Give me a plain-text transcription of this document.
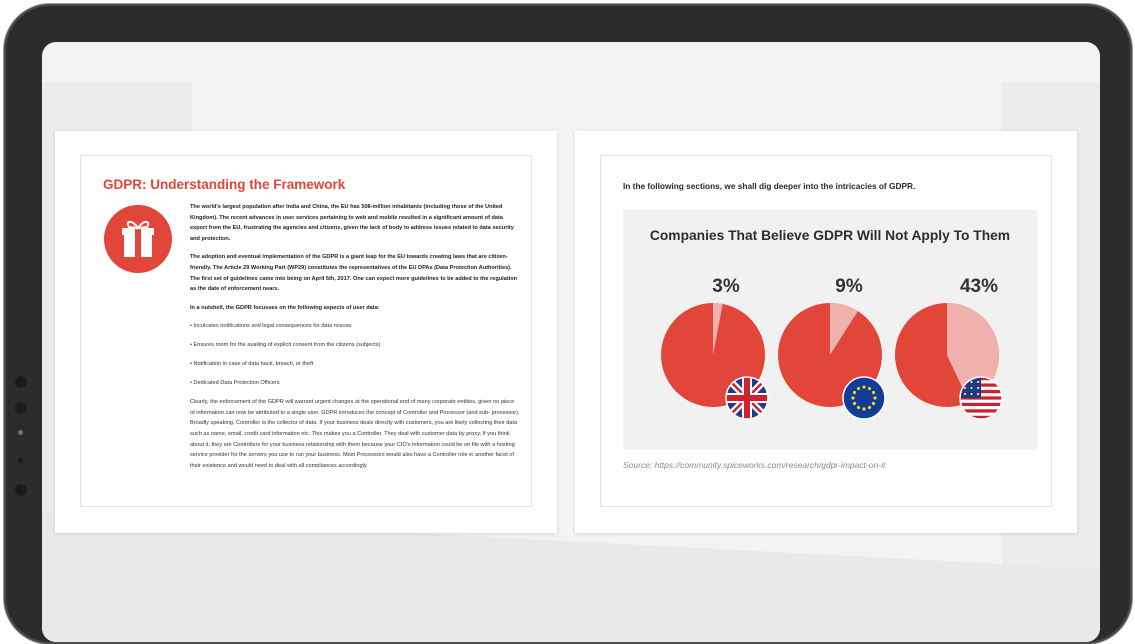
GDPR: Understanding the Framework

The world's largest population after India and China, the EU has 508-million inhabitants (including those of the United Kingdom). The recent advances in user services pertaining to web and mobile resulted in a significant amount of data export from the EU, frustrating the agencies and citizens, given the lack of body to address issues related to data security and protection.

The adoption and eventual implementation of the GDPR is a giant leap for the EU towards creating laws that are citizen-friendly. The Article 29 Working Part (WP29) constitutes the representatives of the EU DPAs (Data Protection Authorities). The first set of guidelines came into being on April 5th, 2017. One can expect more guidelines to be added to the regulation as the date of enforcement nears.

In a nutshell, the GDPR focusses on the following aspects of user data:

• Inculcates notifications and legal consequences for data misuse

• Ensures room for the availing of explicit consent from the citizens (subjects)

• Notification in case of data hack, breach, or theft

• Dedicated Data Protection Officers

Clearly, the enforcement of the GDPR will warrant urgent changes at the operational end of many corporate entities, given no piece of information can now be attributed to a single user. GDPR introduces the concept of Controller and Processor (and sub- processor). Broadly speaking, Controller is the collector of data. If your business deals directly with customers, you are likely collecting their data such as name, email, credit card information etc. This makes you a Controller. They deal with customer data by proxy. If you think about it, they are Controllers for your business relationship with them because your CIO's information could be on file with a hosting service provider for the servers you use to run your business. Most Processors would also have a Controller role in another facet of their existence and would need to deal with all compliances accordingly.

In the following sections, we shall dig deeper into the intricacies of GDPR.

Companies That Believe GDPR Will Not Apply To Them
3%	9%	43%

Source: https://community.spiceworks.com/research/gdpr-impact-on-it
